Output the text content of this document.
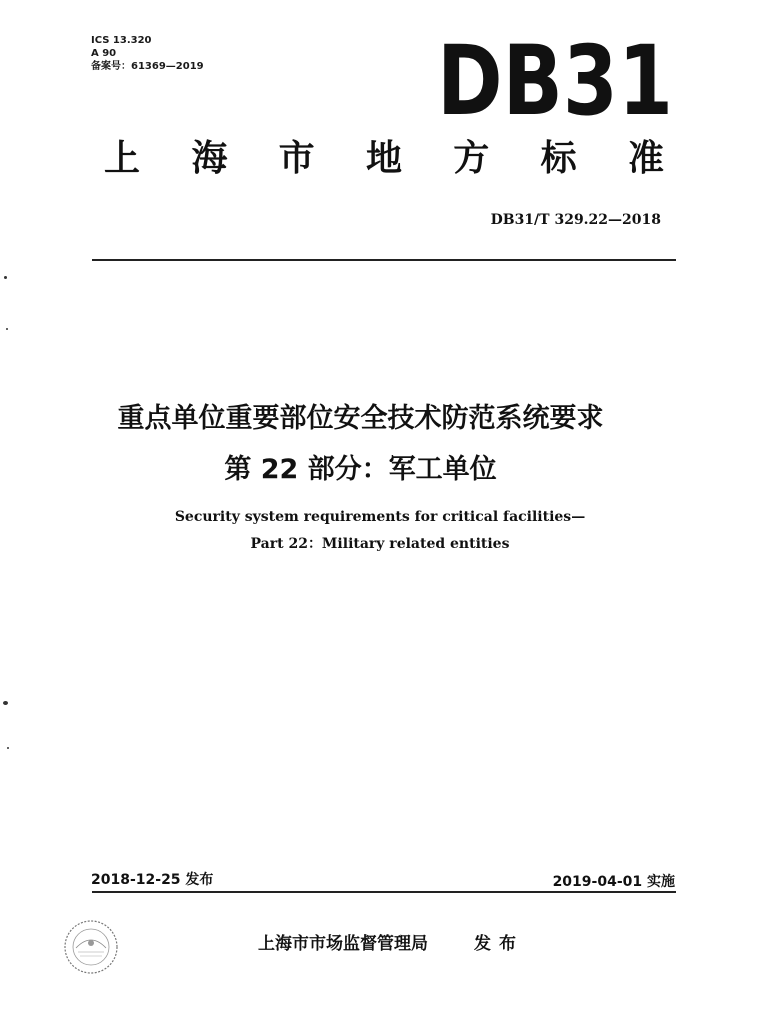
ICS 13.320
A 90
备案号：61369—2019 DB31
上 海 市 地 方 标 准
DB31/T 329.22—2018
重点单位重要部位安全技术防范系统要求
第 22 部分：军工单位
Security system requirements for critical facilities—
Part 22：Military related entities
2018-12-25 发布	2019-04-01 实施
上海市市场监督管理局	发布
